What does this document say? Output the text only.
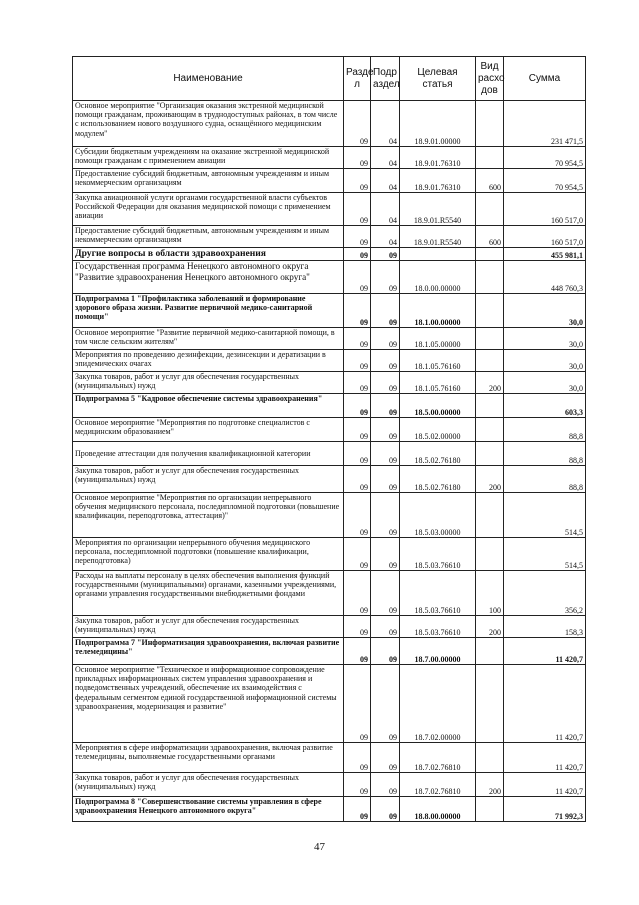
Наименование	Разде л	Подр аздел	Целевая статья	Вид расхо дов	Сумма
Основное мероприятие "Организация оказания экстренной медицинской помощи гражданам, проживающим в труднодоступных районах, в том числе с использованием нового воздушного судна, оснащённого медицинским модулем"	09	04	18.9.01.00000		231 471,5
Субсидии бюджетным учреждениям на оказание экстренной медицинской помощи гражданам с применением авиации	09	04	18.9.01.76310		70 954,5
Предоставление субсидий бюджетным, автономным учреждениям и иным некоммерческим организациям	09	04	18.9.01.76310	600	70 954,5
Закупка авиационной услуги органами государственной власти субъектов Российской Федерации для оказания медицинской помощи с применением авиации	09	04	18.9.01.R5540		160 517,0
Предоставление субсидий бюджетным, автономным учреждениям и иным некоммерческим организациям	09	04	18.9.01.R5540	600	160 517,0
Другие вопросы в области здравоохранения	09	09			455 981,1
Государственная программа Ненецкого автономного округа "Развитие здравоохранения Ненецкого автономного округа"	09	09	18.0.00.00000		448 760,3
Подпрограмма 1 "Профилактика заболеваний и формирование здорового образа жизни. Развитие первичной медико-санитарной помощи"	09	09	18.1.00.00000		30,0
Основное мероприятие "Развитие первичной медико-санитарной помощи, в том числе сельским жителям"	09	09	18.1.05.00000		30,0
Мероприятия по проведению дезинфекции, дезинсекции и дератизации в эпидемических очагах	09	09	18.1.05.76160		30,0
Закупка товаров, работ и услуг для обеспечения государственных (муниципальных) нужд	09	09	18.1.05.76160	200	30,0
Подпрограмма 5 "Кадровое обеспечение системы здравоохранения"	09	09	18.5.00.00000		603,3
Основное мероприятие "Мероприятия по подготовке специалистов с медицинским образованием"	09	09	18.5.02.00000		88,8
Проведение аттестации для получения квалификационной категории	09	09	18.5.02.76180		88,8
Закупка товаров, работ и услуг для обеспечения государственных (муниципальных) нужд	09	09	18.5.02.76180	200	88,8
Основное мероприятие "Мероприятия по организации непрерывного обучения медицинского персонала, последипломной подготовки (повышение квалификации, переподготовка, аттестация)"	09	09	18.5.03.00000		514,5
Мероприятия по организации непрерывного обучения медицинского персонала, последипломной подготовки (повышение квалификации, переподготовка)	09	09	18.5.03.76610		514,5
Расходы на выплаты персоналу в целях обеспечения выполнения функций государственными (муниципальными) органами, казенными учреждениями, органами управления государственными внебюджетными фондами	09	09	18.5.03.76610	100	356,2
Закупка товаров, работ и услуг для обеспечения государственных (муниципальных) нужд	09	09	18.5.03.76610	200	158,3
Подпрограмма 7 "Информатизация здравоохранения, включая развитие телемедицины"	09	09	18.7.00.00000		11 420,7
Основное мероприятие "Техническое и информационное сопровождение прикладных информационных систем управления здравоохранения и подведомственных учреждений, обеспечение их взаимодействия с федеральным сегментом единой государственной информационной системы здравоохранения, модернизация и развитие"	09	09	18.7.02.00000		11 420,7
Мероприятия в сфере информатизации здравоохранения, включая развитие телемедицины, выполняемые государственными органами	09	09	18.7.02.76810		11 420,7
Закупка товаров, работ и услуг для обеспечения государственных (муниципальных) нужд	09	09	18.7.02.76810	200	11 420,7
Подпрограмма 8 "Совершенствование системы управления в сфере здравоохранения Ненецкого автономного округа"	09	09	18.8.00.00000		71 992,3
47
